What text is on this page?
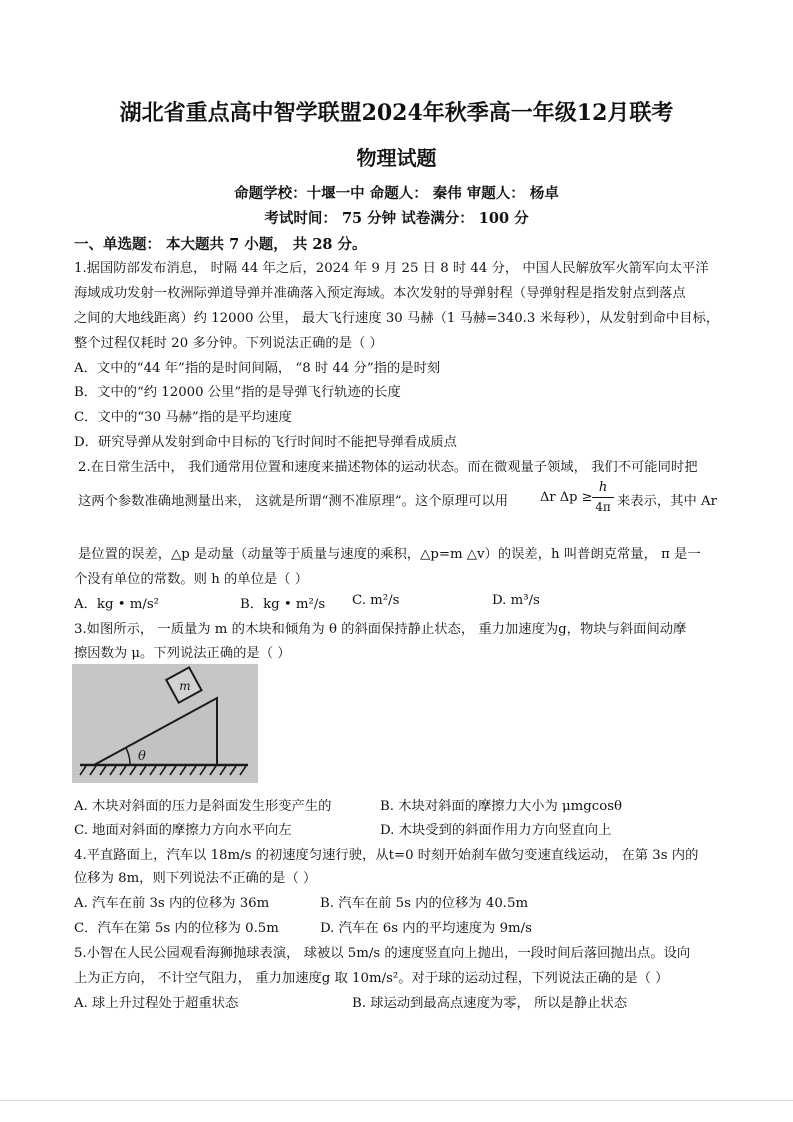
湖北省重点高中智学联盟2024年秋季高一年级12月联考
物理试题
命题学校：十堰一中 命题人： 秦伟 审题人： 杨卓
考试时间： 75 分钟 试卷满分： 100 分
一、单选题： 本大题共 7 小题， 共 28 分。
1.据国防部发布消息， 时隔 44 年之后，2024 年 9 月 25 日 8 时 44 分， 中国人民解放军火箭军向太平洋
海域成功发射一枚洲际弹道导弹并准确落入预定海域。本次发射的导弹射程（导弹射程是指发射点到落点
之间的大地线距离）约 12000 公里， 最大飞行速度 30 马赫（1 马赫=340.3 米每秒），从发射到命中目标，
整个过程仅耗时 20 多分钟。下列说法正确的是（ ）
A．文中的“44 年”指的是时间间隔， “8 时 44 分”指的是时刻
B．文中的“约 12000 公里”指的是导弹飞行轨迹的长度
C．文中的“30 马赫”指的是平均速度
D．研究导弹从发射到命中目标的飞行时间时不能把导弹看成质点
2.在日常生活中， 我们通常用位置和速度来描述物体的运动状态。而在微观量子领域， 我们不可能同时把
这两个参数准确地测量出来， 这就是所谓“测不准原理”。这个原理可以用 Δr Δp ≥
h
4π 来表示，其中 Ar
是位置的误差，△p 是动量（动量等于质量与速度的乘积，△p=m △v）的误差，h 叫普朗克常量， π 是一
个没有单位的常数。则 h 的单位是（ ）
A．kg • m/s²	B．kg • m²/s C. m²/s	D. m³/s
3.如图所示， 一质量为 m 的木块和倾角为 θ 的斜面保持静止状态， 重力加速度为g，物块与斜面间动摩
擦因数为 μ。下列说法正确的是（ ）
m
θ
A. 木块对斜面的压力是斜面发生形变产生的	B. 木块对斜面的摩擦力大小为 μmgcosθ
C. 地面对斜面的摩擦力方向水平向左	D. 木块受到的斜面作用力方向竖直向上
4.平直路面上，汽车以 18m/s 的初速度匀速行驶，从t=0 时刻开始刹车做匀变速直线运动， 在第 3s 内的
位移为 8m，则下列说法不正确的是（ ）
A. 汽车在前 3s 内的位移为 36m	B. 汽车在前 5s 内的位移为 40.5m
C．汽车在第 5s 内的位移为 0.5m	D. 汽车在 6s 内的平均速度为 9m/s
5.小智在人民公园观看海狮抛球表演， 球被以 5m/s 的速度竖直向上抛出，一段时间后落回抛出点。设向
上为正方向， 不计空气阻力， 重力加速度g 取 10m/s²。对于球的运动过程，下列说法正确的是（ ）
A. 球上升过程处于超重状态	B. 球运动到最高点速度为零， 所以是静止状态
